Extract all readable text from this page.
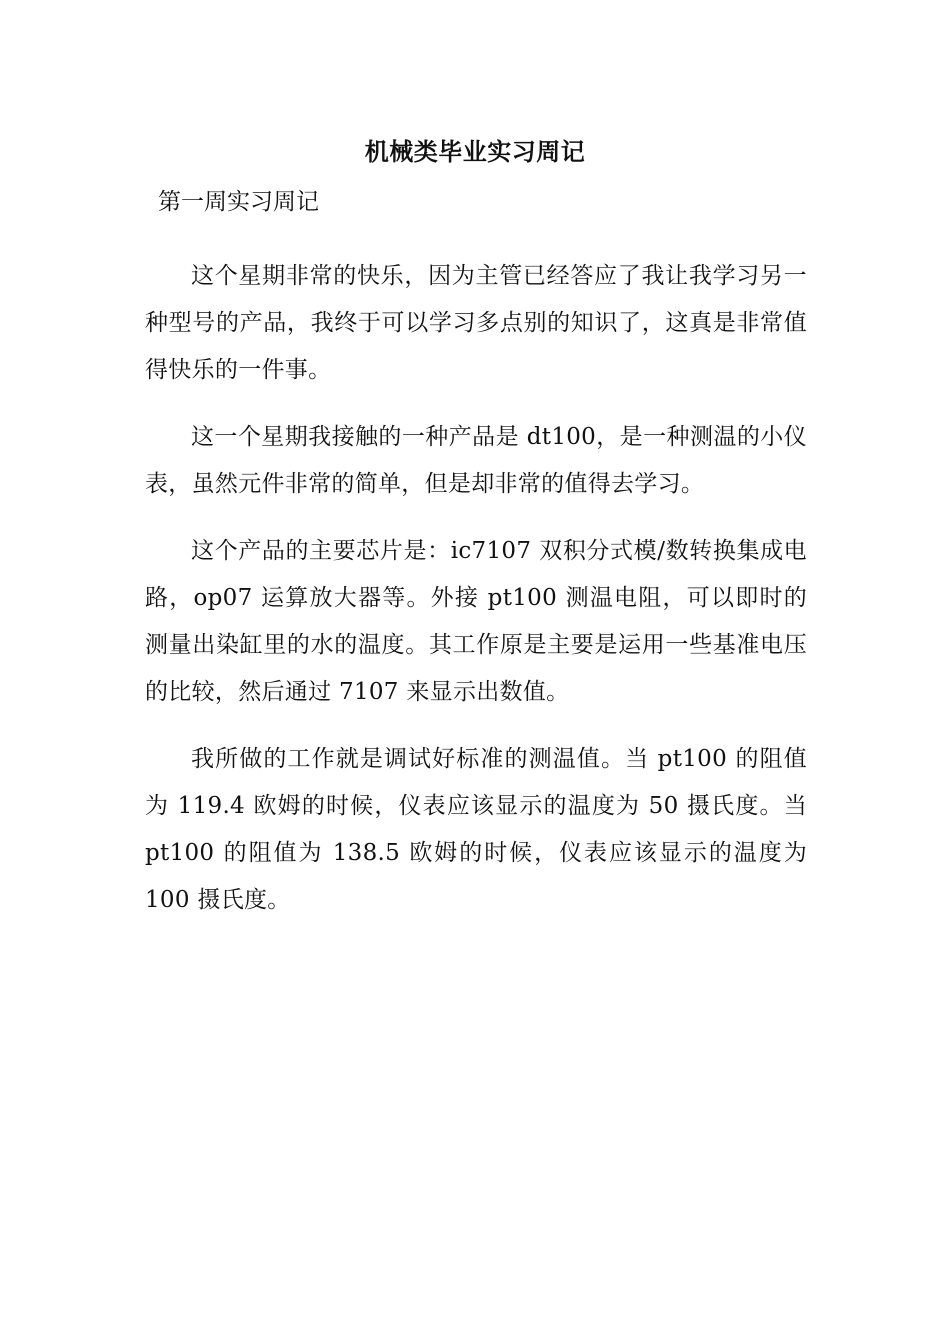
机械类毕业实习周记
第一周实习周记

这个星期非常的快乐，因为主管已经答应了我让我学习另一种型号的产品，我终于可以学习多点别的知识了，这真是非常值得快乐的一件事。

这一个星期我接触的一种产品是 dt100，是一种测温的小仪表，虽然元件非常的简单，但是却非常的值得去学习。

这个产品的主要芯片是：ic7107 双积分式模/数转换集成电路，op07 运算放大器等。外接 pt100 测温电阻，可以即时的测量出染缸里的水的温度。其工作原是主要是运用一些基准电压的比较，然后通过 7107 来显示出数值。

我所做的工作就是调试好标准的测温值。当 pt100 的阻值为 119.4 欧姆的时候，仪表应该显示的温度为 50 摄氏度。当 pt100 的阻值为 138.5 欧姆的时候，仪表应该显示的温度为 100 摄氏度。
